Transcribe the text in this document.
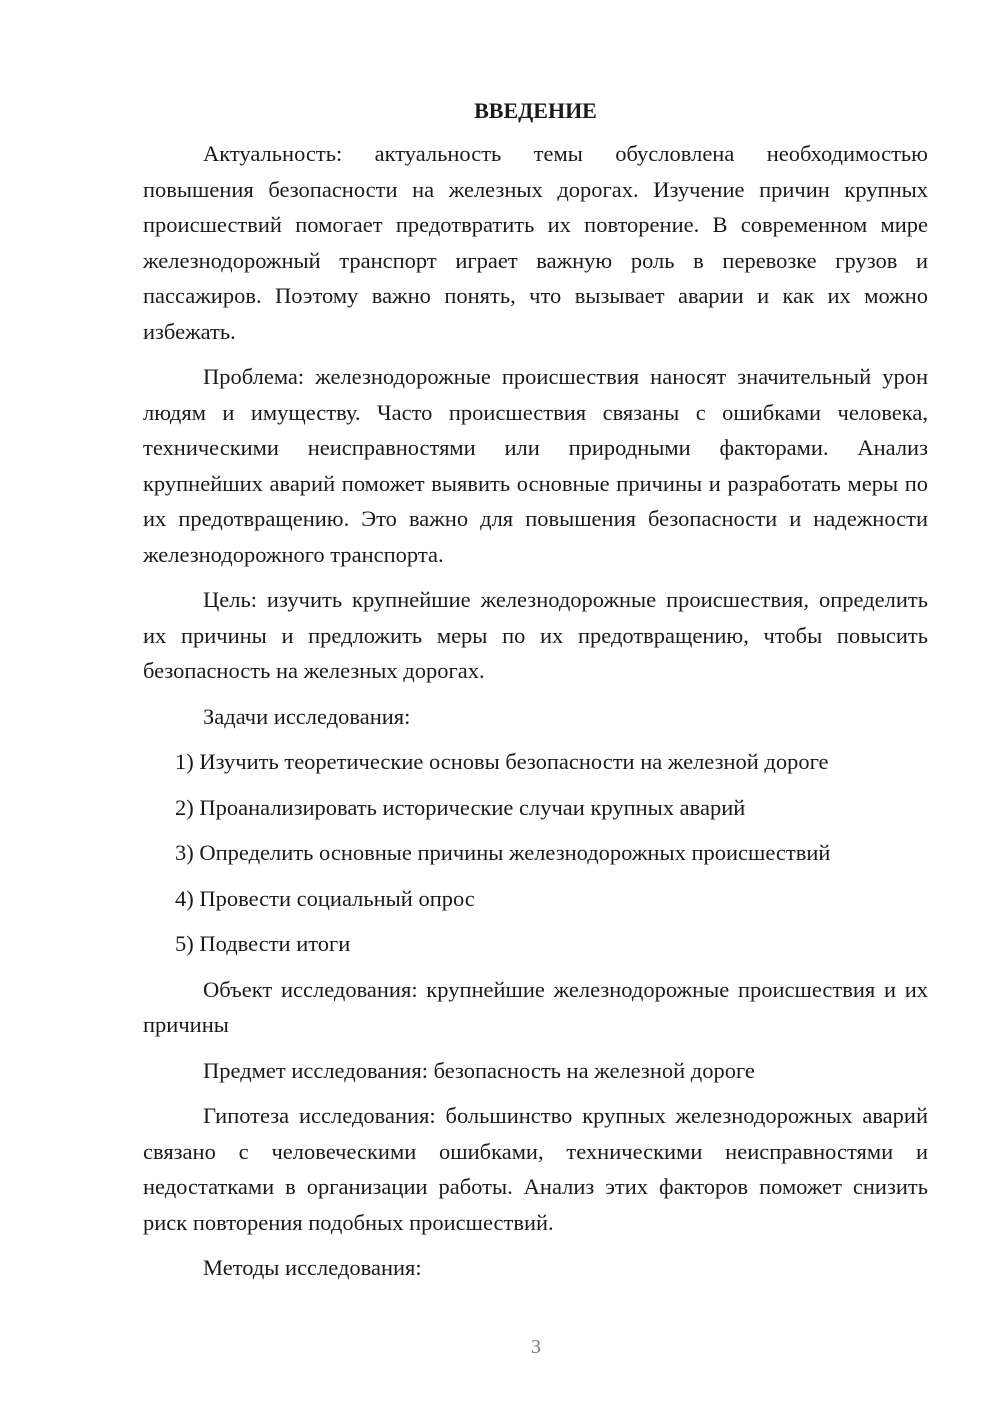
ВВЕДЕНИЕ

Актуальность: актуальность темы обусловлена необходимостью повышения безопасности на железных дорогах. Изучение причин крупных происшествий помогает предотвратить их повторение. В современном мире железнодорожный транспорт играет важную роль в перевозке грузов и пассажиров. Поэтому важно понять, что вызывает аварии и как их можно избежать.

Проблема: железнодорожные происшествия наносят значительный урон людям и имуществу. Часто происшествия связаны с ошибками человека, техническими неисправностями или природными факторами. Анализ крупнейших аварий поможет выявить основные причины и разработать меры по их предотвращению. Это важно для повышения безопасности и надежности железнодорожного транспорта.

Цель: изучить крупнейшие железнодорожные происшествия, определить их причины и предложить меры по их предотвращению, чтобы повысить безопасность на железных дорогах.

Задачи исследования:

1) Изучить теоретические основы безопасности на железной дороге
2) Проанализировать исторические случаи крупных аварий
3) Определить основные причины железнодорожных происшествий
4) Провести социальный опрос
5) Подвести итоги

Объект исследования: крупнейшие железнодорожные происшествия и их причины

Предмет исследования: безопасность на железной дороге

Гипотеза исследования: большинство крупных железнодорожных аварий связано с человеческими ошибками, техническими неисправностями и недостатками в организации работы. Анализ этих факторов поможет снизить риск повторения подобных происшествий.

Методы исследования:

3
